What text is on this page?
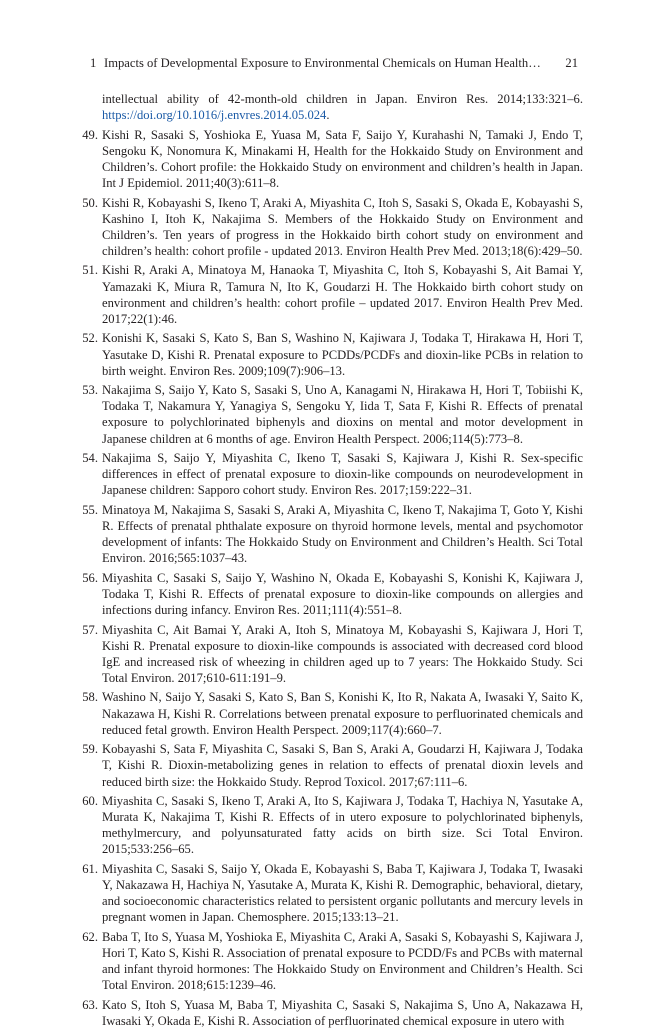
1 Impacts of Developmental Exposure to Environmental Chemicals on Human Health… 21
intellectual ability of 42-month-old children in Japan. Environ Res. 2014;133:321–6. https://doi.org/10.1016/j.envres.2014.05.024.
49. Kishi R, Sasaki S, Yoshioka E, Yuasa M, Sata F, Saijo Y, Kurahashi N, Tamaki J, Endo T, Sengoku K, Nonomura K, Minakami H, Health for the Hokkaido Study on Environment and Children’s. Cohort profile: the Hokkaido Study on environment and children’s health in Japan. Int J Epidemiol. 2011;40(3):611–8.
50. Kishi R, Kobayashi S, Ikeno T, Araki A, Miyashita C, Itoh S, Sasaki S, Okada E, Kobayashi S, Kashino I, Itoh K, Nakajima S. Members of the Hokkaido Study on Environment and Children’s. Ten years of progress in the Hokkaido birth cohort study on environment and children’s health: cohort profile - updated 2013. Environ Health Prev Med. 2013;18(6):429–50.
51. Kishi R, Araki A, Minatoya M, Hanaoka T, Miyashita C, Itoh S, Kobayashi S, Ait Bamai Y, Yamazaki K, Miura R, Tamura N, Ito K, Goudarzi H. The Hokkaido birth cohort study on environment and children’s health: cohort profile – updated 2017. Environ Health Prev Med. 2017;22(1):46.
52. Konishi K, Sasaki S, Kato S, Ban S, Washino N, Kajiwara J, Todaka T, Hirakawa H, Hori T, Yasutake D, Kishi R. Prenatal exposure to PCDDs/PCDFs and dioxin-like PCBs in relation to birth weight. Environ Res. 2009;109(7):906–13.
53. Nakajima S, Saijo Y, Kato S, Sasaki S, Uno A, Kanagami N, Hirakawa H, Hori T, Tobiishi K, Todaka T, Nakamura Y, Yanagiya S, Sengoku Y, Iida T, Sata F, Kishi R. Effects of prenatal exposure to polychlorinated biphenyls and dioxins on mental and motor development in Japanese children at 6 months of age. Environ Health Perspect. 2006;114(5):773–8.
54. Nakajima S, Saijo Y, Miyashita C, Ikeno T, Sasaki S, Kajiwara J, Kishi R. Sex-specific differences in effect of prenatal exposure to dioxin-like compounds on neurodevelopment in Japanese children: Sapporo cohort study. Environ Res. 2017;159:222–31.
55. Minatoya M, Nakajima S, Sasaki S, Araki A, Miyashita C, Ikeno T, Nakajima T, Goto Y, Kishi R. Effects of prenatal phthalate exposure on thyroid hormone levels, mental and psychomotor development of infants: The Hokkaido Study on Environment and Children’s Health. Sci Total Environ. 2016;565:1037–43.
56. Miyashita C, Sasaki S, Saijo Y, Washino N, Okada E, Kobayashi S, Konishi K, Kajiwara J, Todaka T, Kishi R. Effects of prenatal exposure to dioxin-like compounds on allergies and infections during infancy. Environ Res. 2011;111(4):551–8.
57. Miyashita C, Ait Bamai Y, Araki A, Itoh S, Minatoya M, Kobayashi S, Kajiwara J, Hori T, Kishi R. Prenatal exposure to dioxin-like compounds is associated with decreased cord blood IgE and increased risk of wheezing in children aged up to 7 years: The Hokkaido Study. Sci Total Environ. 2017;610-611:191–9.
58. Washino N, Saijo Y, Sasaki S, Kato S, Ban S, Konishi K, Ito R, Nakata A, Iwasaki Y, Saito K, Nakazawa H, Kishi R. Correlations between prenatal exposure to perfluorinated chemicals and reduced fetal growth. Environ Health Perspect. 2009;117(4):660–7.
59. Kobayashi S, Sata F, Miyashita C, Sasaki S, Ban S, Araki A, Goudarzi H, Kajiwara J, Todaka T, Kishi R. Dioxin-metabolizing genes in relation to effects of prenatal dioxin levels and reduced birth size: the Hokkaido Study. Reprod Toxicol. 2017;67:111–6.
60. Miyashita C, Sasaki S, Ikeno T, Araki A, Ito S, Kajiwara J, Todaka T, Hachiya N, Yasutake A, Murata K, Nakajima T, Kishi R. Effects of in utero exposure to polychlorinated biphenyls, methylmercury, and polyunsaturated fatty acids on birth size. Sci Total Environ. 2015;533:256–65.
61. Miyashita C, Sasaki S, Saijo Y, Okada E, Kobayashi S, Baba T, Kajiwara J, Todaka T, Iwasaki Y, Nakazawa H, Hachiya N, Yasutake A, Murata K, Kishi R. Demographic, behavioral, dietary, and socioeconomic characteristics related to persistent organic pollutants and mercury levels in pregnant women in Japan. Chemosphere. 2015;133:13–21.
62. Baba T, Ito S, Yuasa M, Yoshioka E, Miyashita C, Araki A, Sasaki S, Kobayashi S, Kajiwara J, Hori T, Kato S, Kishi R. Association of prenatal exposure to PCDD/Fs and PCBs with maternal and infant thyroid hormones: The Hokkaido Study on Environment and Children’s Health. Sci Total Environ. 2018;615:1239–46.
63. Kato S, Itoh S, Yuasa M, Baba T, Miyashita C, Sasaki S, Nakajima S, Uno A, Nakazawa H, Iwasaki Y, Okada E, Kishi R. Association of perfluorinated chemical exposure in utero with
